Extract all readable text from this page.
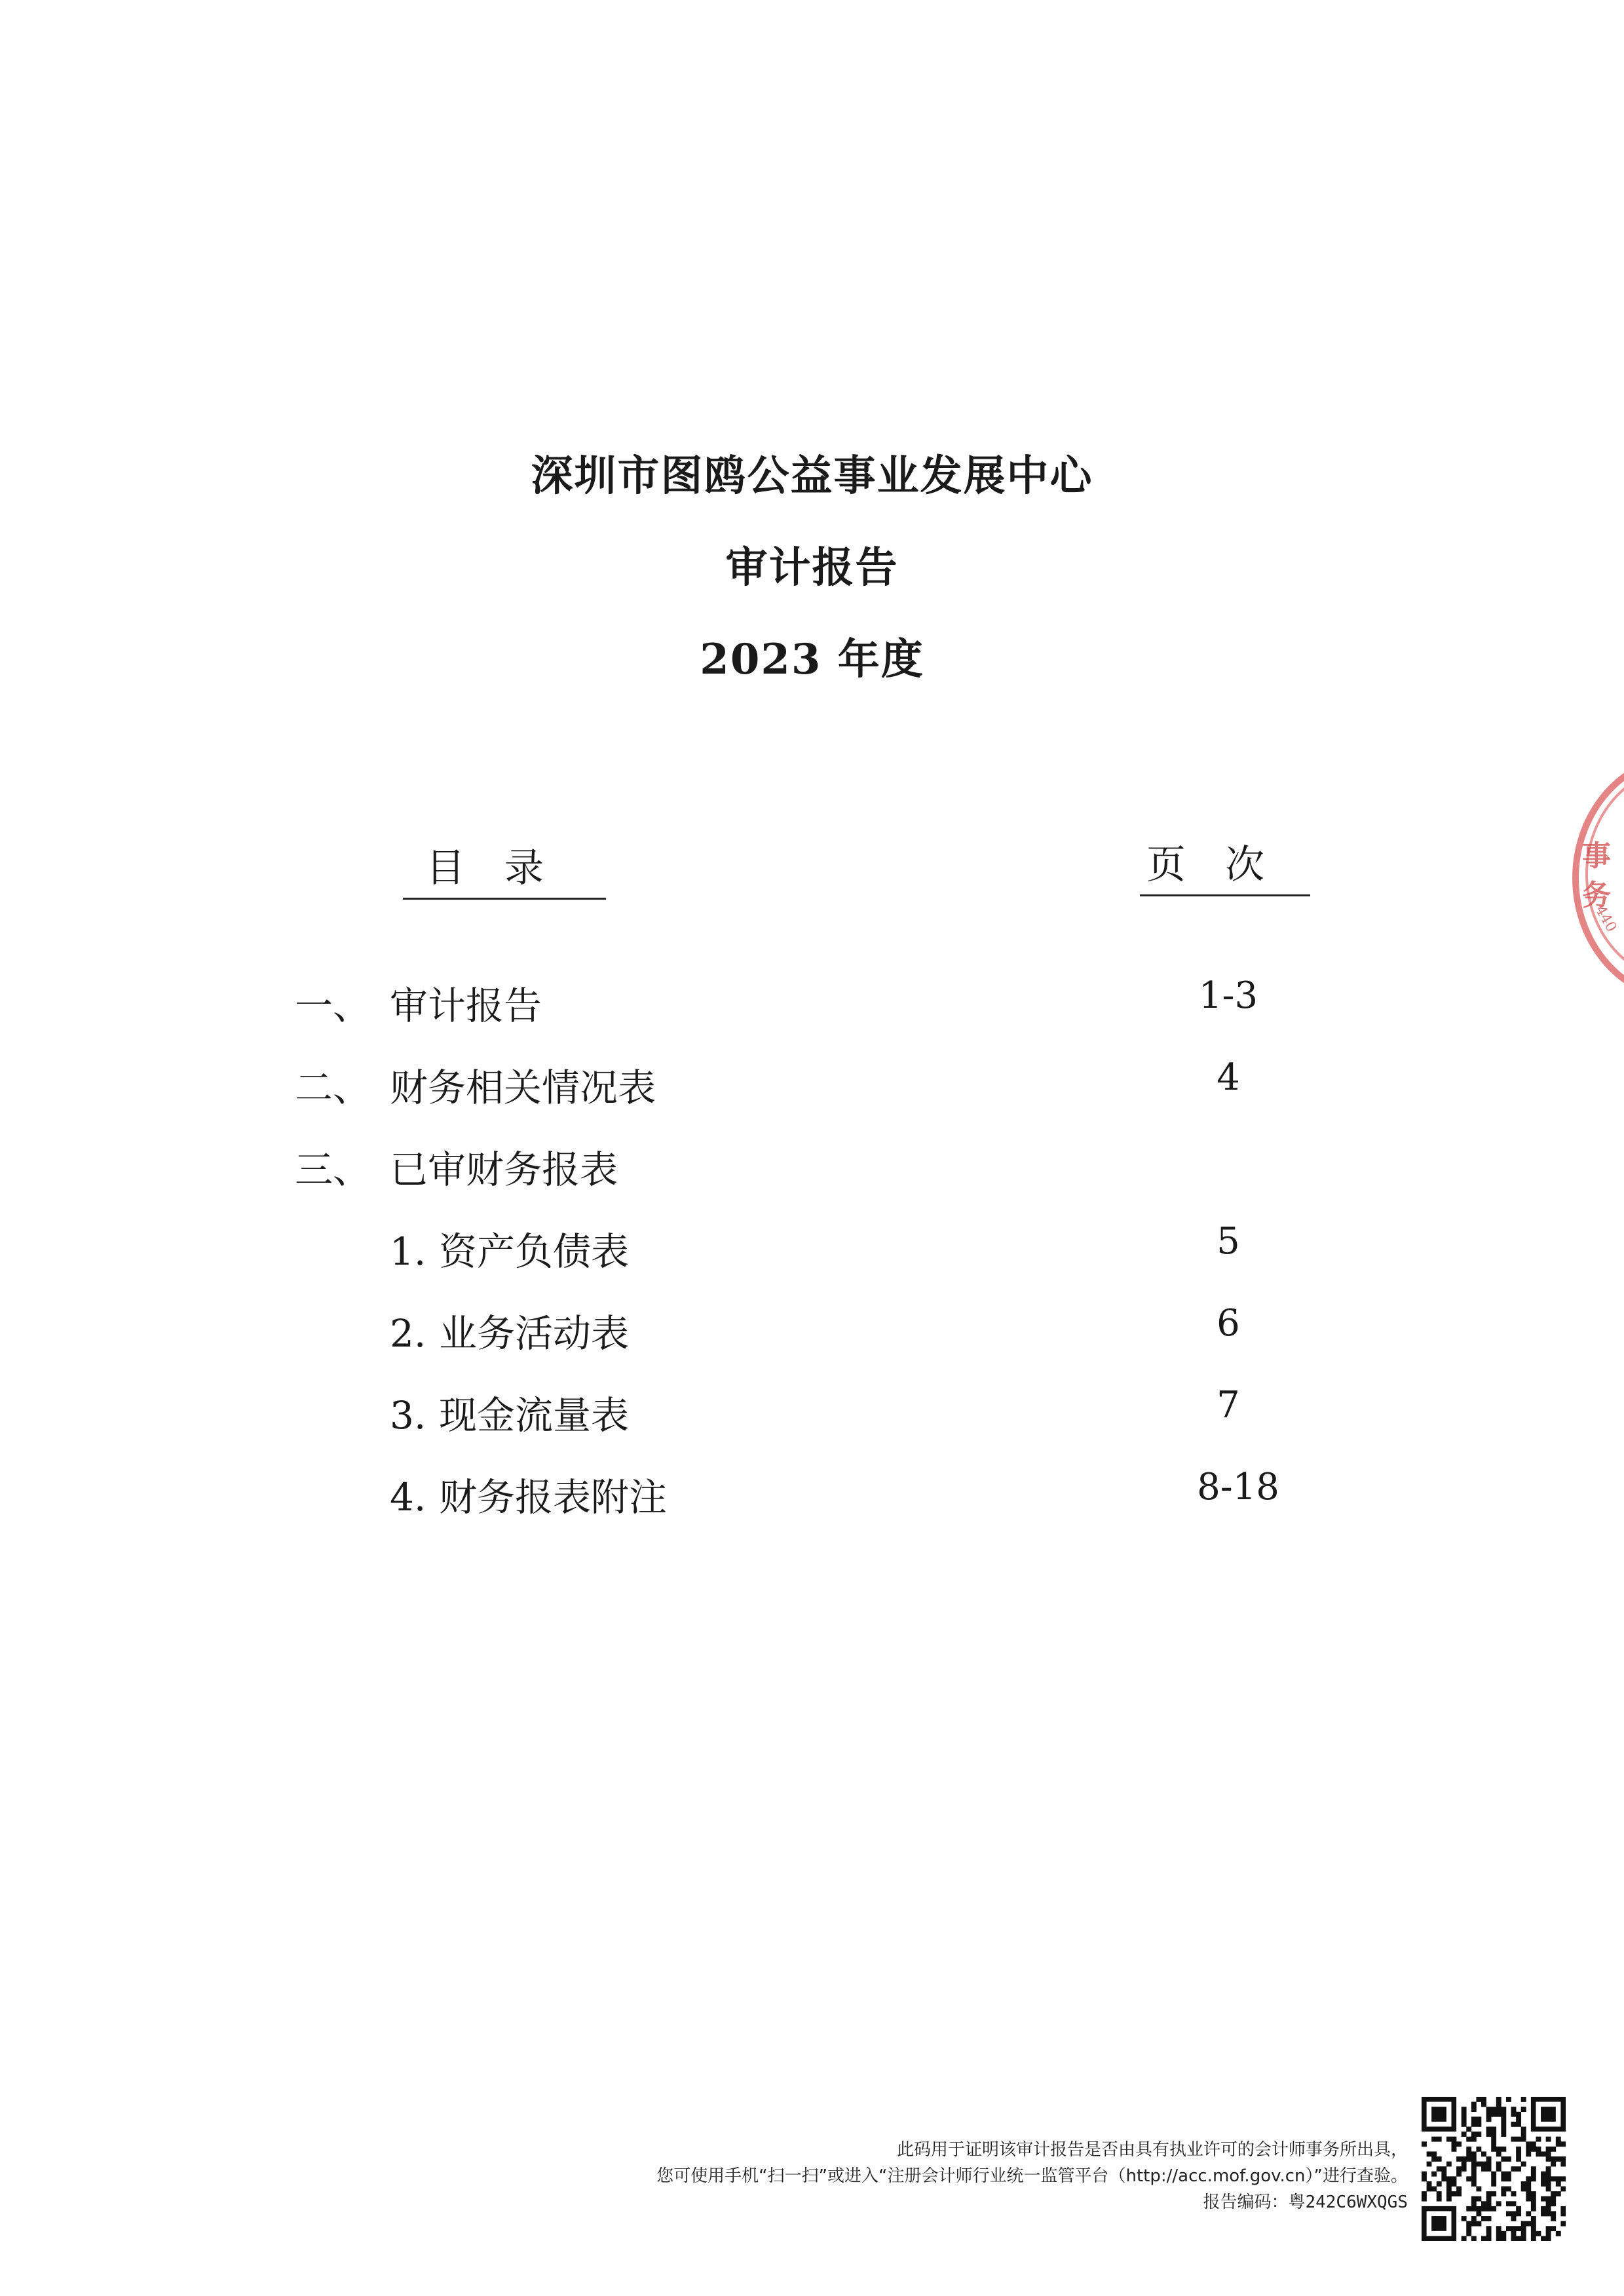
深圳市图鸥公益事业发展中心
审计报告
2023 年度
目录	页次
一、 审计报告	1-3
二、 财务相关情况表	4
三、 已审财务报表
1. 资产负债表	5
2. 业务活动表	6
3. 现金流量表	7
4. 财务报表附注	8-18
事
务
440
此码用于证明该审计报告是否由具有执业许可的会计师事务所出具，
您可使用手机“扫一扫”或进入“注册会计师行业统一监管平台（http://acc.mof.gov.cn）”进行查验。
报告编码：粤242C6WXQGS
